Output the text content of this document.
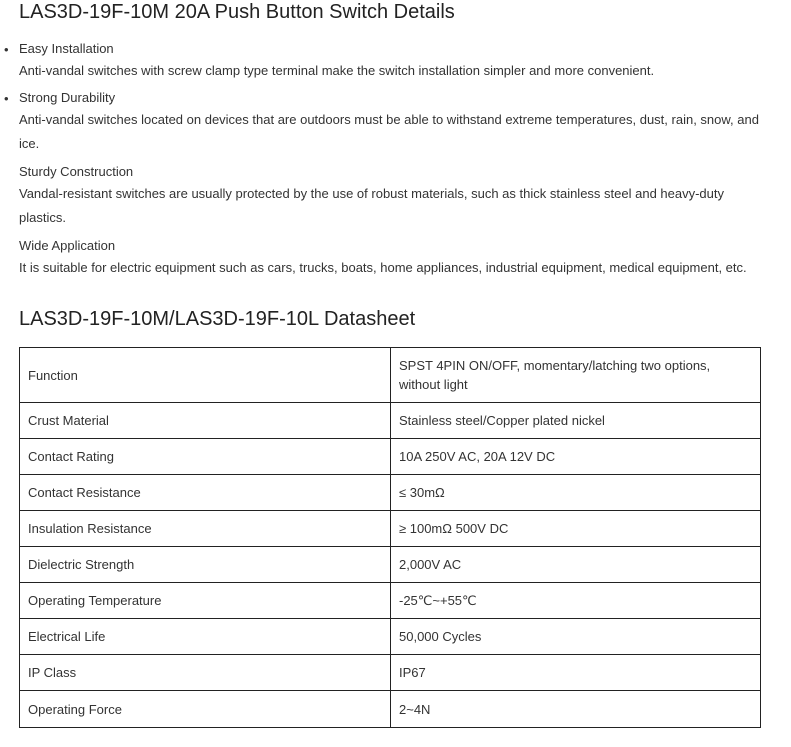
LAS3D-19F-10M 20A Push Button Switch Details
• Easy Installation
Anti-vandal switches with screw clamp type terminal make the switch installation simpler and more convenient.
• Strong Durability
Anti-vandal switches located on devices that are outdoors must be able to withstand extreme temperatures, dust, rain, snow, and ice.
Sturdy Construction
Vandal-resistant switches are usually protected by the use of robust materials, such as thick stainless steel and heavy-duty plastics.
Wide Application
It is suitable for electric equipment such as cars, trucks, boats, home appliances, industrial equipment, medical equipment, etc.
LAS3D-19F-10M/LAS3D-19F-10L Datasheet
Function	SPST 4PIN ON/OFF, momentary/latching two options, without light
Crust Material	Stainless steel/Copper plated nickel
Contact Rating	10A 250V AC, 20A 12V DC
Contact Resistance	≤ 30mΩ
Insulation Resistance	≥ 100mΩ 500V DC
Dielectric Strength	2,000V AC
Operating Temperature	-25℃~+55℃
Electrical Life	50,000 Cycles
IP Class	IP67
Operating Force	2~4N
